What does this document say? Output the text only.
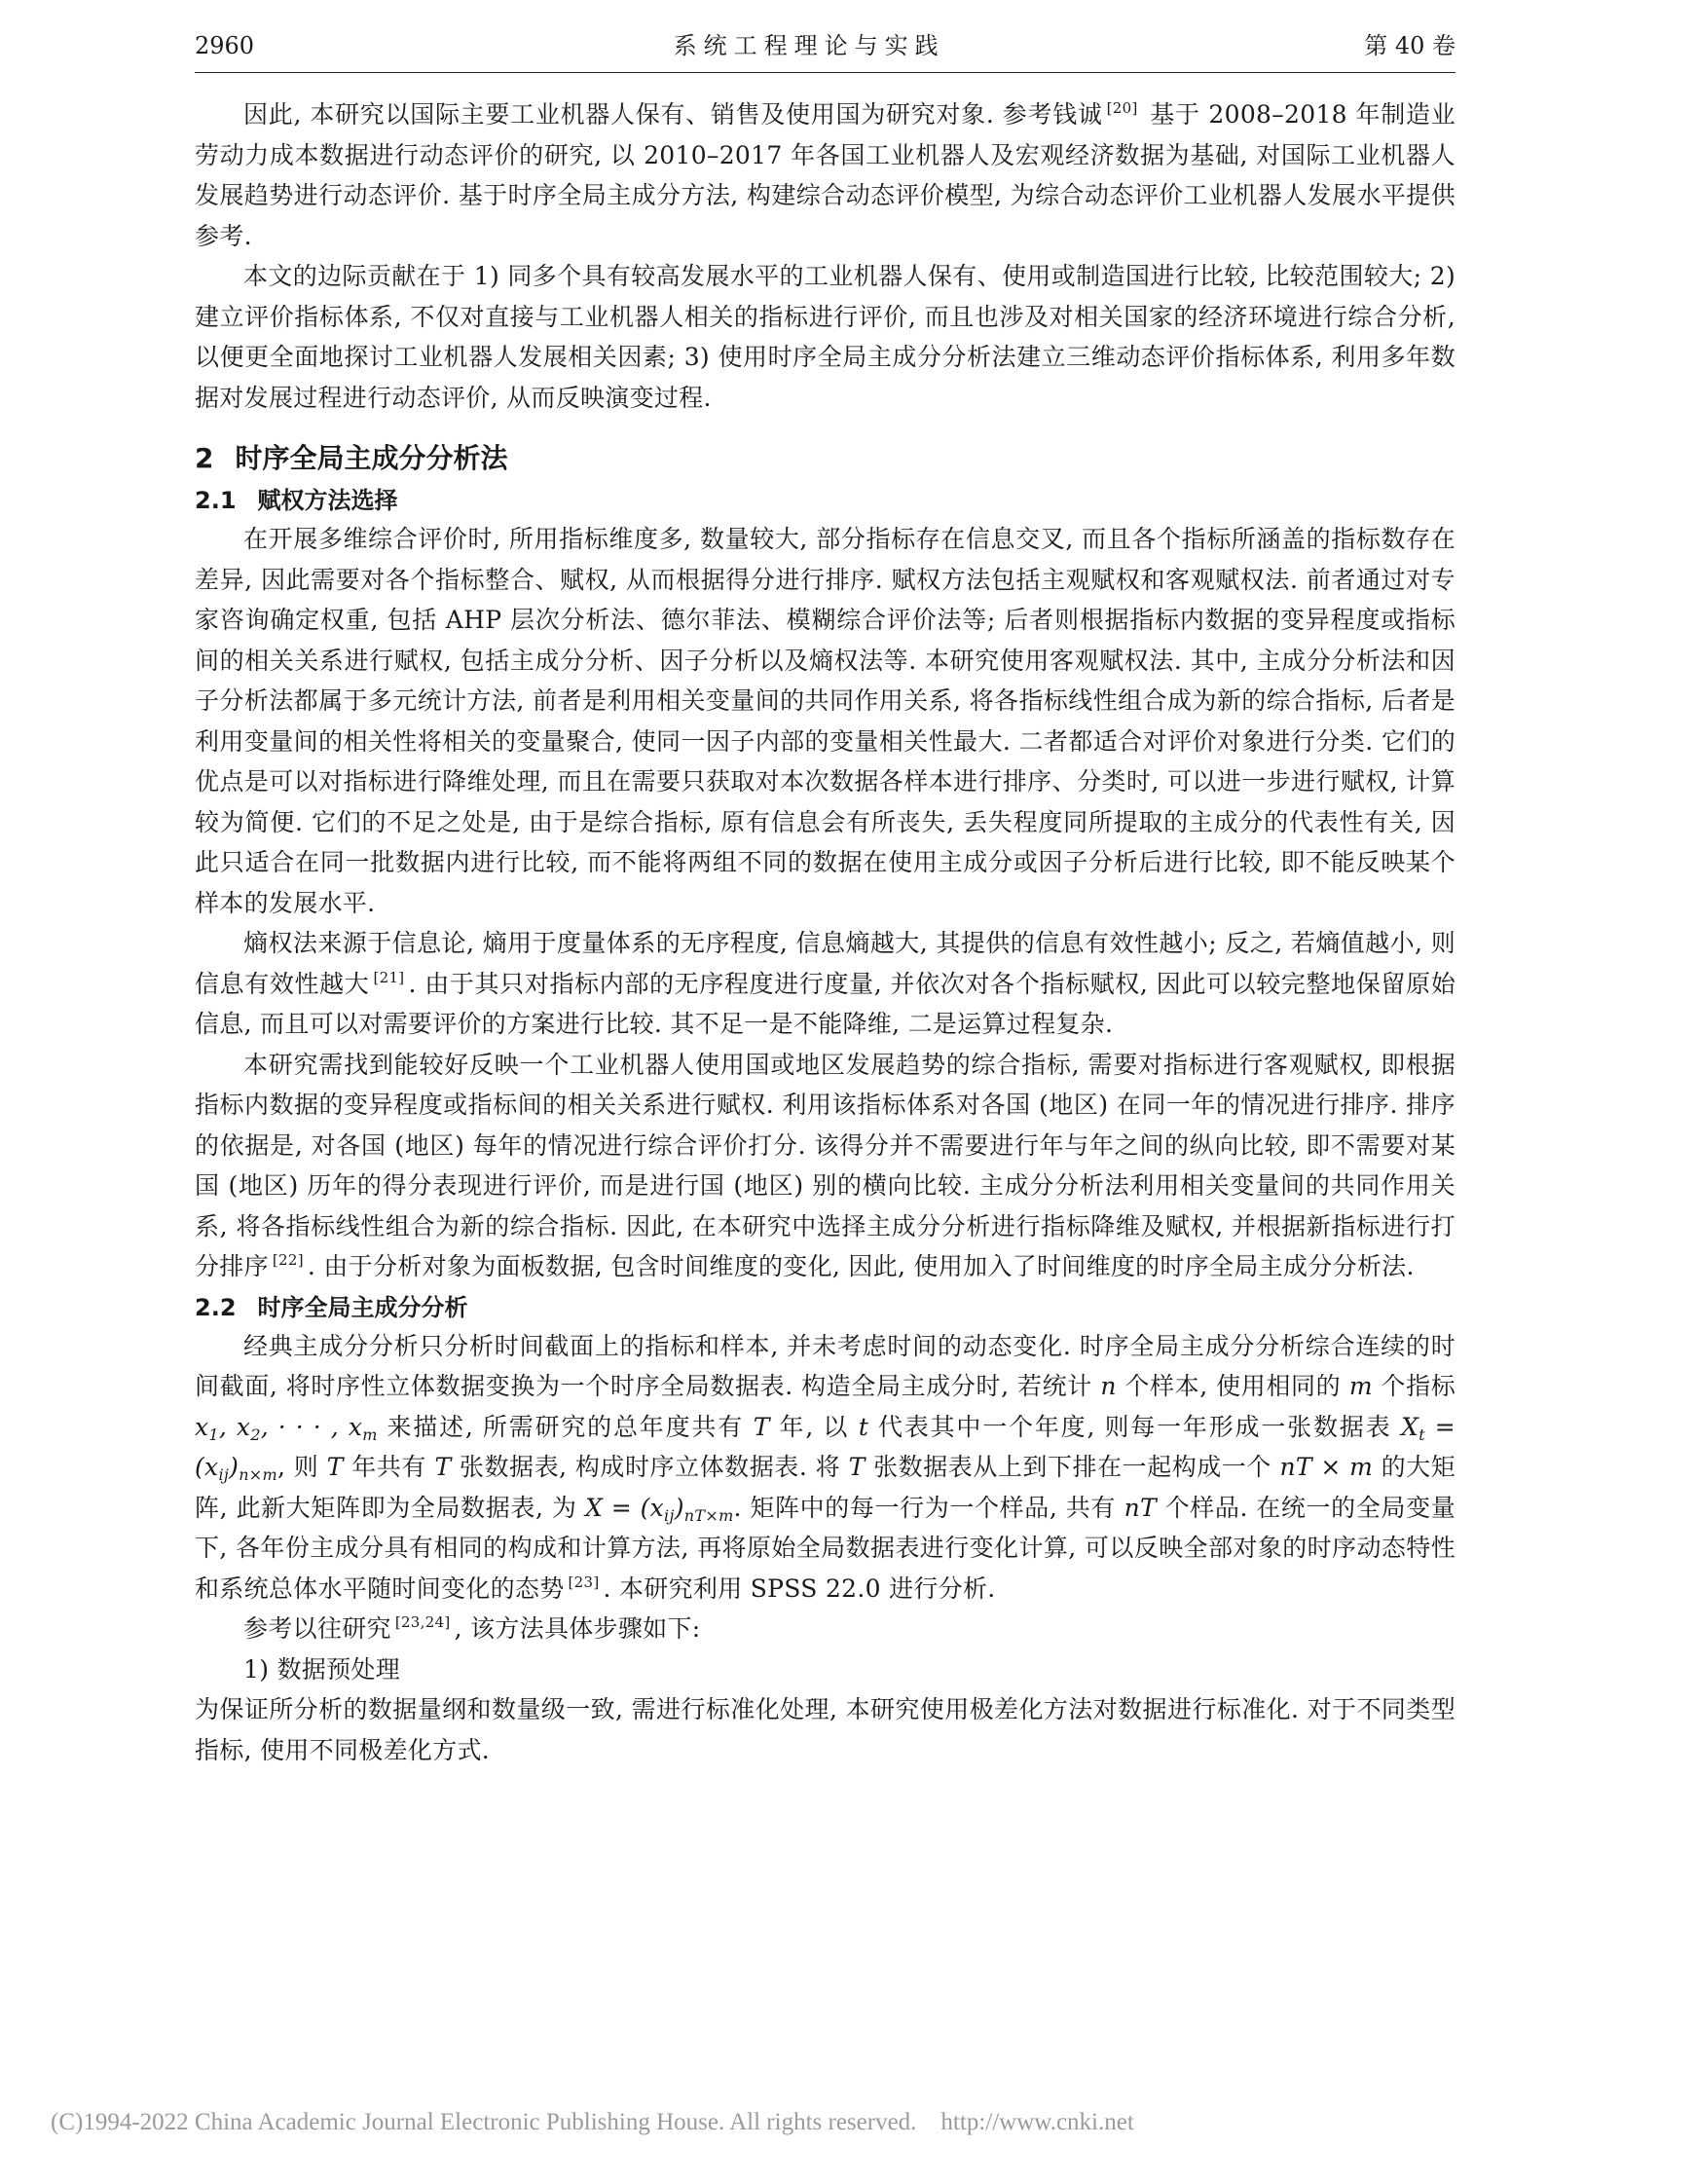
2960	系统工程理论与实践	第 40 卷

因此, 本研究以国际主要工业机器人保有、销售及使用国为研究对象. 参考钱诚 [20] 基于 2008–2018 年制造业劳动力成本数据进行动态评价的研究, 以 2010–2017 年各国工业机器人及宏观经济数据为基础, 对国际工业机器人发展趋势进行动态评价. 基于时序全局主成分方法, 构建综合动态评价模型, 为综合动态评价工业机器人发展水平提供参考.

本文的边际贡献在于 1) 同多个具有较高发展水平的工业机器人保有、使用或制造国进行比较, 比较范围较大; 2) 建立评价指标体系, 不仅对直接与工业机器人相关的指标进行评价, 而且也涉及对相关国家的经济环境进行综合分析, 以便更全面地探讨工业机器人发展相关因素; 3) 使用时序全局主成分分析法建立三维动态评价指标体系, 利用多年数据对发展过程进行动态评价, 从而反映演变过程.

2 时序全局主成分分析法
2.1 赋权方法选择

在开展多维综合评价时, 所用指标维度多, 数量较大, 部分指标存在信息交叉, 而且各个指标所涵盖的指标数存在差异, 因此需要对各个指标整合、赋权, 从而根据得分进行排序. 赋权方法包括主观赋权和客观赋权法. 前者通过对专家咨询确定权重, 包括 AHP 层次分析法、德尔菲法、模糊综合评价法等; 后者则根据指标内数据的变异程度或指标间的相关关系进行赋权, 包括主成分分析、因子分析以及熵权法等. 本研究使用客观赋权法. 其中, 主成分分析法和因子分析法都属于多元统计方法, 前者是利用相关变量间的共同作用关系, 将各指标线性组合成为新的综合指标, 后者是利用变量间的相关性将相关的变量聚合, 使同一因子内部的变量相关性最大. 二者都适合对评价对象进行分类. 它们的优点是可以对指标进行降维处理, 而且在需要只获取对本次数据各样本进行排序、分类时, 可以进一步进行赋权, 计算较为简便. 它们的不足之处是, 由于是综合指标, 原有信息会有所丧失, 丢失程度同所提取的主成分的代表性有关, 因此只适合在同一批数据内进行比较, 而不能将两组不同的数据在使用主成分或因子分析后进行比较, 即不能反映某个样本的发展水平.

熵权法来源于信息论, 熵用于度量体系的无序程度, 信息熵越大, 其提供的信息有效性越小; 反之, 若熵值越小, 则信息有效性越大 [21] . 由于其只对指标内部的无序程度进行度量, 并依次对各个指标赋权, 因此可以较完整地保留原始信息, 而且可以对需要评价的方案进行比较. 其不足一是不能降维, 二是运算过程复杂.

本研究需找到能较好反映一个工业机器人使用国或地区发展趋势的综合指标, 需要对指标进行客观赋权, 即根据指标内数据的变异程度或指标间的相关关系进行赋权. 利用该指标体系对各国 (地区) 在同一年的情况进行排序. 排序的依据是, 对各国 (地区) 每年的情况进行综合评价打分. 该得分并不需要进行年与年之间的纵向比较, 即不需要对某国 (地区) 历年的得分表现进行评价, 而是进行国 (地区) 别的横向比较. 主成分分析法利用相关变量间的共同作用关系, 将各指标线性组合为新的综合指标. 因此, 在本研究中选择主成分分析进行指标降维及赋权, 并根据新指标进行打分排序 [22] . 由于分析对象为面板数据, 包含时间维度的变化, 因此, 使用加入了时间维度的时序全局主成分分析法.

2.2 时序全局主成分分析

经典主成分分析只分析时间截面上的指标和样本, 并未考虑时间的动态变化. 时序全局主成分分析综合连续的时间截面, 将时序性立体数据变换为一个时序全局数据表. 构造全局主成分时, 若统计 n 个样本, 使用相同的 m 个指标 $x_1$, $x_2$, · · · , $x_m$ 来描述, 所需研究的总年度共有 T 年, 以 t 代表其中一个年度, 则每一年形成一张数据表 $X_t = (x_{ij})_{n\times m}$, 则 T 年共有 T 张数据表, 构成时序立体数据表. 将 T 张数据表从上到下排在一起构成一个 nT × m 的大矩阵, 此新大矩阵即为全局数据表, 为 $X = (x_{ij})_{nT\times m}$. 矩阵中的每一行为一个样品, 共有 nT 个样品. 在统一的全局变量下, 各年份主成分具有相同的构成和计算方法, 再将原始全局数据表进行变化计算, 可以反映全部对象的时序动态特性和系统总体水平随时间变化的态势 [23] . 本研究利用 SPSS 22.0 进行分析.

参考以往研究 [23,24] , 该方法具体步骤如下:

1) 数据预处理

为保证所分析的数据量纲和数量级一致, 需进行标准化处理, 本研究使用极差化方法对数据进行标准化. 对于不同类型指标, 使用不同极差化方式.

(C)1994-2022 China Academic Journal Electronic Publishing House. All rights reserved. http://www.cnki.net
